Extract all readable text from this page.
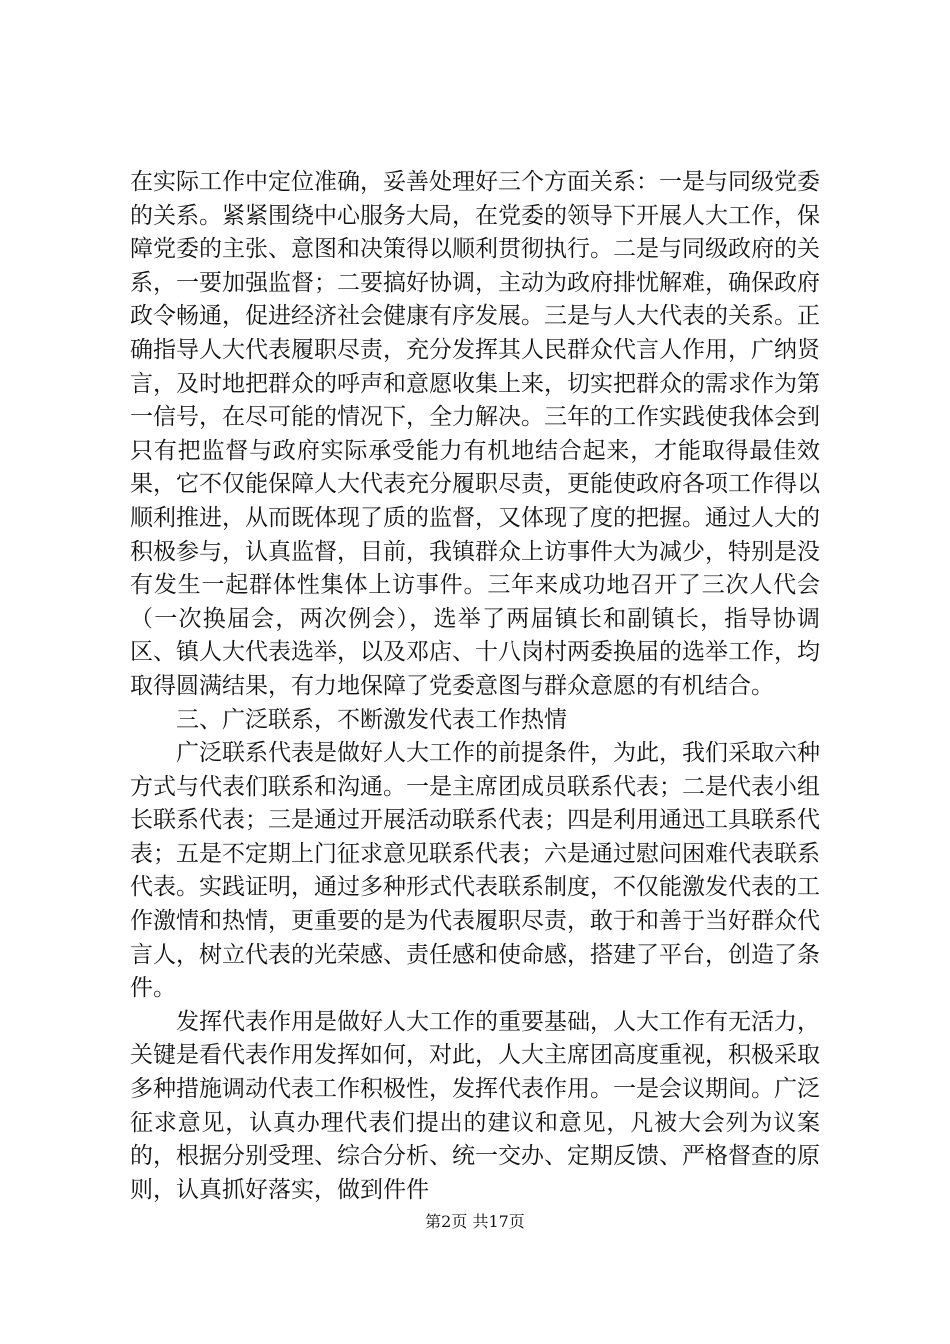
在实际工作中定位准确，妥善处理好三个方面关系：一是与同级党委的关系。紧紧围绕中心服务大局，在党委的领导下开展人大工作，保障党委的主张、意图和决策得以顺利贯彻执行。二是与同级政府的关系，一要加强监督；二要搞好协调，主动为政府排忧解难，确保政府政令畅通，促进经济社会健康有序发展。三是与人大代表的关系。正确指导人大代表履职尽责，充分发挥其人民群众代言人作用，广纳贤言，及时地把群众的呼声和意愿收集上来，切实把群众的需求作为第一信号，在尽可能的情况下，全力解决。三年的工作实践使我体会到只有把监督与政府实际承受能力有机地结合起来，才能取得最佳效果，它不仅能保障人大代表充分履职尽责，更能使政府各项工作得以顺利推进，从而既体现了质的监督，又体现了度的把握。通过人大的积极参与，认真监督，目前，我镇群众上访事件大为减少，特别是没有发生一起群体性集体上访事件。三年来成功地召开了三次人代会（一次换届会，两次例会），选举了两届镇长和副镇长，指导协调区、镇人大代表选举，以及邓店、十八岗村两委换届的选举工作，均取得圆满结果，有力地保障了党委意图与群众意愿的有机结合。

三、广泛联系，不断激发代表工作热情

广泛联系代表是做好人大工作的前提条件，为此，我们采取六种方式与代表们联系和沟通。一是主席团成员联系代表；二是代表小组长联系代表；三是通过开展活动联系代表；四是利用通迅工具联系代表；五是不定期上门征求意见联系代表；六是通过慰问困难代表联系代表。实践证明，通过多种形式代表联系制度，不仅能激发代表的工作激情和热情，更重要的是为代表履职尽责，敢于和善于当好群众代言人，树立代表的光荣感、责任感和使命感，搭建了平台，创造了条件。

发挥代表作用是做好人大工作的重要基础，人大工作有无活力，关键是看代表作用发挥如何，对此，人大主席团高度重视，积极采取多种措施调动代表工作积极性，发挥代表作用。一是会议期间。广泛征求意见，认真办理代表们提出的建议和意见，凡被大会列为议案的，根据分别受理、综合分析、统一交办、定期反馈、严格督查的原则，认真抓好落实，做到件件

第2页 共17页
